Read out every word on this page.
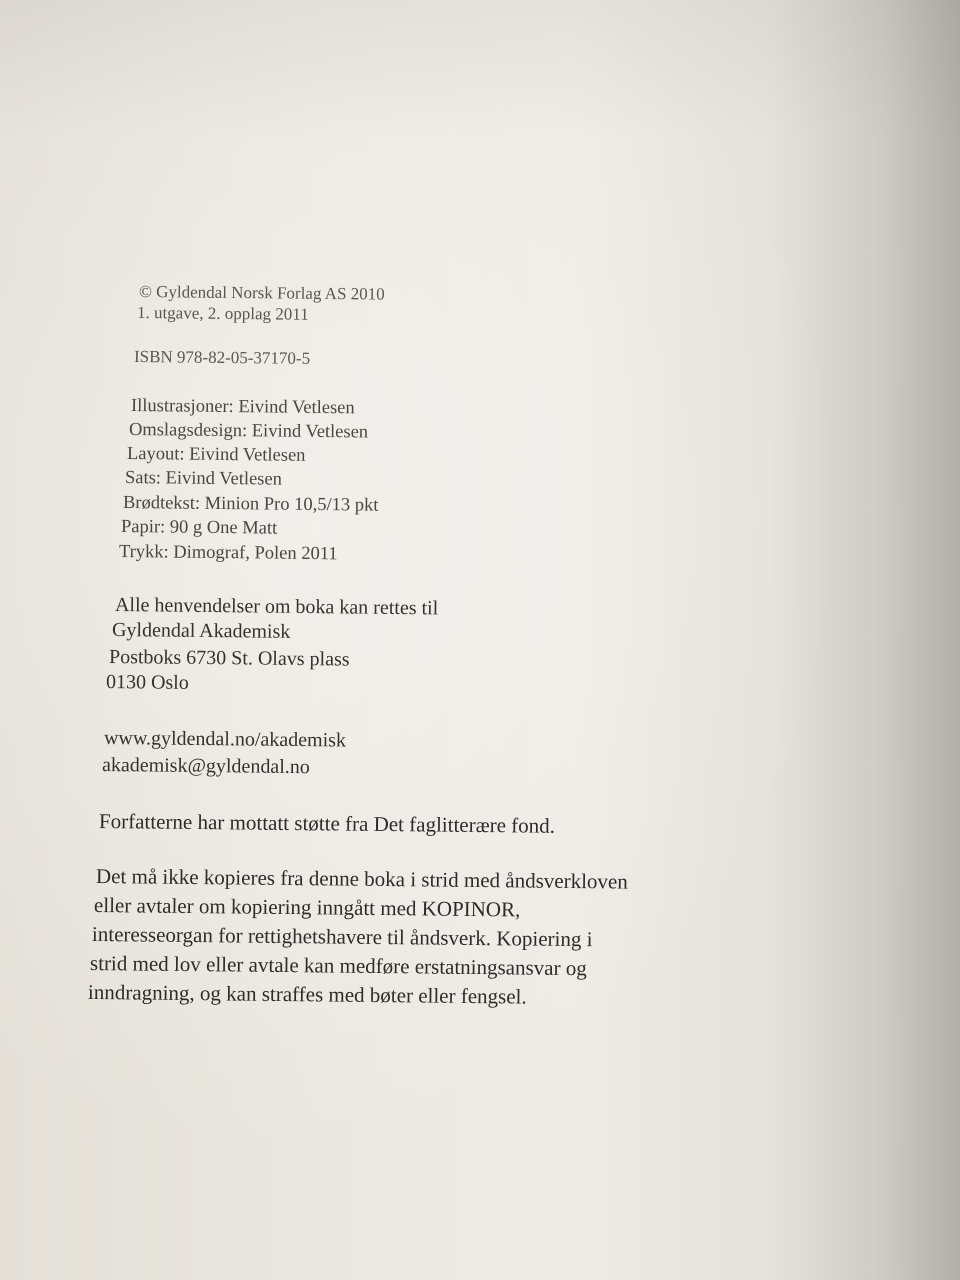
© Gyldendal Norsk Forlag AS 2010

1. utgave, 2. opplag 2011

ISBN 978-82-05-37170-5

Illustrasjoner: Eivind Vetlesen

Omslagsdesign: Eivind Vetlesen

Layout: Eivind Vetlesen

Sats: Eivind Vetlesen

Brødtekst: Minion Pro 10,5/13 pkt

Papir: 90 g One Matt

Trykk: Dimograf, Polen 2011

Alle henvendelser om boka kan rettes til

Gyldendal Akademisk

Postboks 6730 St. Olavs plass

0130 Oslo

www.gyldendal.no/akademisk

akademisk@gyldendal.no

Forfatterne har mottatt støtte fra Det faglitterære fond.

Det må ikke kopieres fra denne boka i strid med åndsverkloven

eller avtaler om kopiering inngått med KOPINOR,

interesseorgan for rettighetshavere til åndsverk. Kopiering i

strid med lov eller avtale kan medføre erstatningsansvar og

inndragning, og kan straffes med bøter eller fengsel.
